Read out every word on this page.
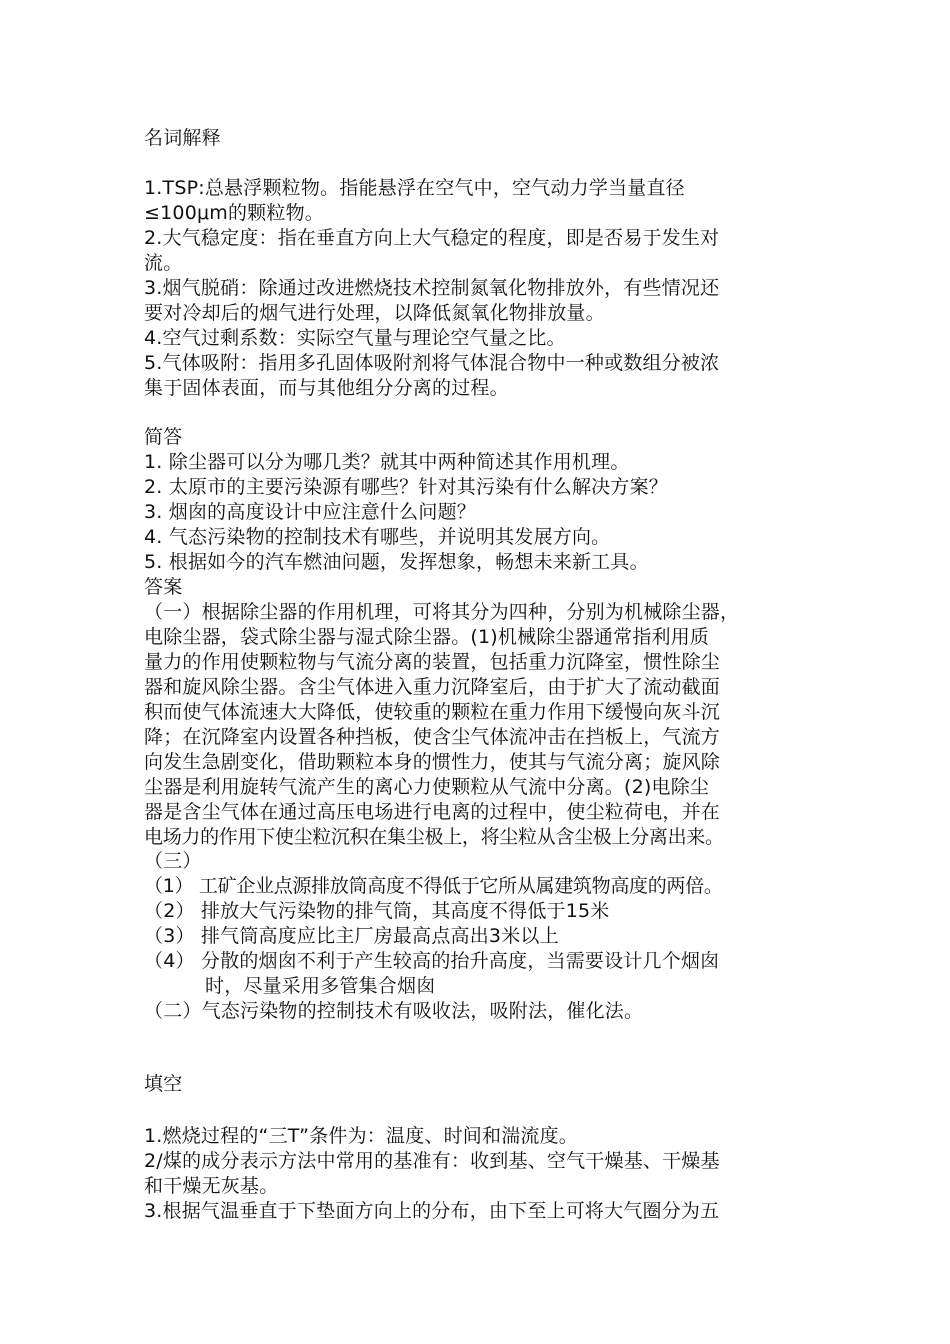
名词解释
1.TSP:总悬浮颗粒物。指能悬浮在空气中，空气动力学当量直径
≤100μm的颗粒物。
2.大气稳定度：指在垂直方向上大气稳定的程度，即是否易于发生对
流。
3.烟气脱硝：除通过改进燃烧技术控制氮氧化物排放外，有些情况还
要对冷却后的烟气进行处理，以降低氮氧化物排放量。
4.空气过剩系数：实际空气量与理论空气量之比。
5.气体吸附：指用多孔固体吸附剂将气体混合物中一种或数组分被浓
集于固体表面，而与其他组分分离的过程。
简答
1. 除尘器可以分为哪几类？就其中两种简述其作用机理。
2. 太原市的主要污染源有哪些？针对其污染有什么解决方案？
3. 烟囱的高度设计中应注意什么问题？
4. 气态污染物的控制技术有哪些，并说明其发展方向。
5. 根据如今的汽车燃油问题，发挥想象，畅想未来新工具。
答案
（一）根据除尘器的作用机理，可将其分为四种，分别为机械除尘器，
电除尘器，袋式除尘器与湿式除尘器。(1)机械除尘器通常指利用质
量力的作用使颗粒物与气流分离的装置，包括重力沉降室，惯性除尘
器和旋风除尘器。含尘气体进入重力沉降室后，由于扩大了流动截面
积而使气体流速大大降低，使较重的颗粒在重力作用下缓慢向灰斗沉
降；在沉降室内设置各种挡板，使含尘气体流冲击在挡板上，气流方
向发生急剧变化，借助颗粒本身的惯性力，使其与气流分离；旋风除
尘器是利用旋转气流产生的离心力使颗粒从气流中分离。(2)电除尘
器是含尘气体在通过高压电场进行电离的过程中，使尘粒荷电，并在
电场力的作用下使尘粒沉积在集尘极上，将尘粒从含尘极上分离出来。
（三）
（1） 工矿企业点源排放筒高度不得低于它所从属建筑物高度的两倍。
（2） 排放大气污染物的排气筒，其高度不得低于15米
（3） 排气筒高度应比主厂房最高点高出3米以上
（4） 分散的烟囱不利于产生较高的抬升高度，当需要设计几个烟囱
时，尽量采用多管集合烟囱
（二）气态污染物的控制技术有吸收法，吸附法，催化法。
填空
1.燃烧过程的“三T”条件为：温度、时间和湍流度。
2/煤的成分表示方法中常用的基准有：收到基、空气干燥基、干燥基
和干燥无灰基。
3.根据气温垂直于下垫面方向上的分布，由下至上可将大气圈分为五
